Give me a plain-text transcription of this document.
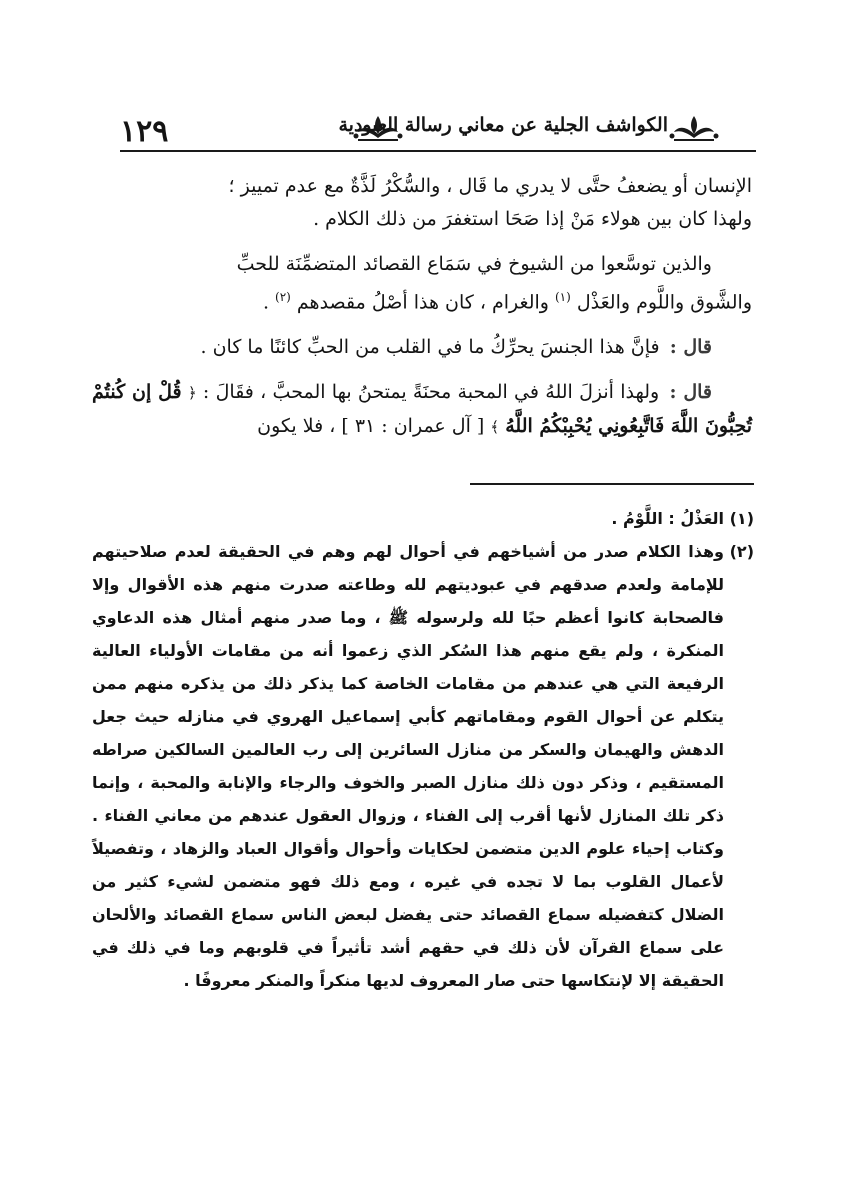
١٢٩	الكواشف الجلية عن معاني رسالة العبودية

الإنسان أو يضعفُ حتَّى لا يدري ما قَال ، والسُّكْرُ لَذَّةٌ مع عدم تمييز ؛
ولهذا كان بين هولاء مَنْ إذا صَحَا استغفرَ من ذلك الكلام .

والذين توسَّعوا من الشيوخ في سَمَاع القصائد المتضمِّنَة للحبِّ
والشَّوق واللَّوم والعَذْل $^{(١)}$ والغرام ، كان هذا أصْلُ مقصدهم $^{(٢)}$ .

قال : فإنَّ هذا الجنسَ يحرِّكُ ما في القلب من الحبِّ كائنًا ما كان .

قال : ولهذا أنزلَ اللهُ في المحبة محنَةً يمتحنُ بها المحبَّ ، فقَالَ : ﴿ قُلْ إن كُنتُمْ تُحِبُّونَ اللَّهَ فَاتَّبِعُونِي يُحْبِبْكُمُ اللَّهُ ﴾ [ آل عمران : ٣١ ] ، فلا يكون

(١)
العَذْلُ : اللَّوْمُ .

(٢)
وهذا الكلام صدر من أشياخهم في أحوال لهم وهم في الحقيقة لعدم صلاحيتهم للإمامة ولعدم صدقهم في عبوديتهم لله وطاعته صدرت منهم هذه الأقوال وإلا فالصحابة كانوا أعظم حبًا لله ولرسوله ﷺ ، وما صدر منهم أمثال هذه الدعاوي المنكرة ، ولم يقع منهم هذا السُكر الذي زعموا أنه من مقامات الأولياء العالية الرفيعة التي هي عندهم من مقامات الخاصة كما يذكر ذلك من يذكره منهم ممن يتكلم عن أحوال القوم ومقاماتهم كأبي إسماعيل الهروي في منازله حيث جعل الدهش والهيمان والسكر من منازل السائرين إلى رب العالمين السالكين صراطه المستقيم ، وذكر دون ذلك منازل الصبر والخوف والرجاء والإنابة والمحبة ، وإنما ذكر تلك المنازل لأنها أقرب إلى الفناء ، وزوال العقول عندهم من معاني الفناء . وكتاب إحياء علوم الدين متضمن لحكايات وأحوال وأقوال العباد والزهاد ، وتفصيلاً لأعمال القلوب بما لا تجده في غيره ، ومع ذلك فهو متضمن لشيء كثير من الضلال كتفضيله سماع القصائد حتى يفضل لبعض الناس سماع القصائد والألحان على سماع القرآن لأن ذلك في حقهم أشد تأثيراً في قلوبهم وما في ذلك في الحقيقة إلا لإنتكاسها حتى صار المعروف لديها منكراً والمنكر معروفًا .
